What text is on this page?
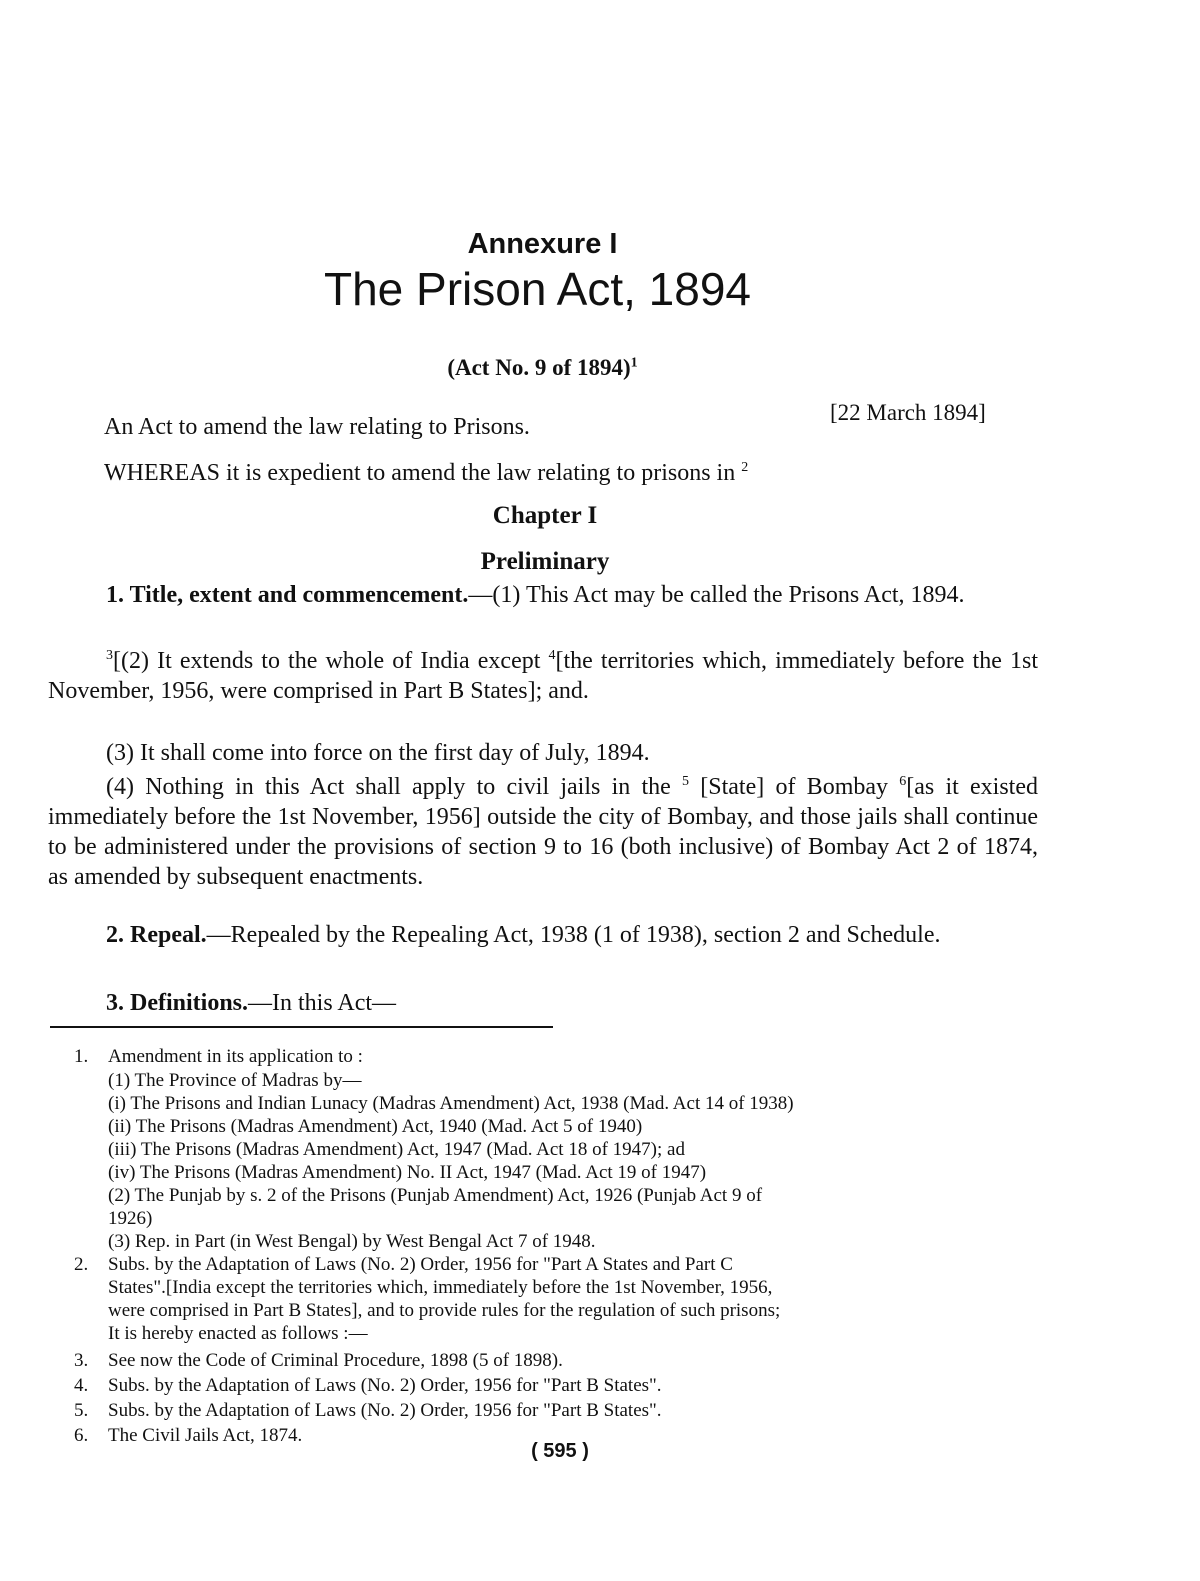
Annexure I
The Prison Act, 1894
(Act No. 9 of 1894)$^1$
[22 March 1894]
An Act to amend the law relating to Prisons.
WHEREAS it is expedient to amend the law relating to prisons in $^2$
Chapter I
Preliminary
1. Title, extent and commencement.—(1) This Act may be called the Prisons Act, 1894.
$^3$[(2) It extends to the whole of India except $^4$[the territories which, immediately before the 1st November, 1956, were comprised in Part B States]; and.
(3) It shall come into force on the first day of July, 1894.
(4) Nothing in this Act shall apply to civil jails in the $^5$ [State] of Bombay $^6$[as it existed immediately before the 1st November, 1956] outside the city of Bombay, and those jails shall continue to be administered under the provisions of section 9 to 16 (both inclusive) of Bombay Act 2 of 1874, as amended by subsequent enactments.
2. Repeal.—Repealed by the Repealing Act, 1938 (1 of 1938), section 2 and Schedule.
3. Definitions.—In this Act—
1. Amendment in its application to :
(1) The Province of Madras by—
(i) The Prisons and Indian Lunacy (Madras Amendment) Act, 1938 (Mad. Act 14 of 1938)
(ii) The Prisons (Madras Amendment) Act, 1940 (Mad. Act 5 of 1940)
(iii) The Prisons (Madras Amendment) Act, 1947 (Mad. Act 18 of 1947); ad
(iv) The Prisons (Madras Amendment) No. II Act, 1947 (Mad. Act 19 of 1947)
(2) The Punjab by s. 2 of the Prisons (Punjab Amendment) Act, 1926 (Punjab Act 9 of
1926)
(3) Rep. in Part (in West Bengal) by West Bengal Act 7 of 1948.
2. Subs. by the Adaptation of Laws (No. 2) Order, 1956 for "Part A States and Part C
States".[India except the territories which, immediately before the 1st November, 1956,
were comprised in Part B States], and to provide rules for the regulation of such prisons;
It is hereby enacted as follows :—
3. See now the Code of Criminal Procedure, 1898 (5 of 1898).
4. Subs. by the Adaptation of Laws (No. 2) Order, 1956 for "Part B States".
5. Subs. by the Adaptation of Laws (No. 2) Order, 1956 for "Part B States".
6. The Civil Jails Act, 1874.
( 595 )
